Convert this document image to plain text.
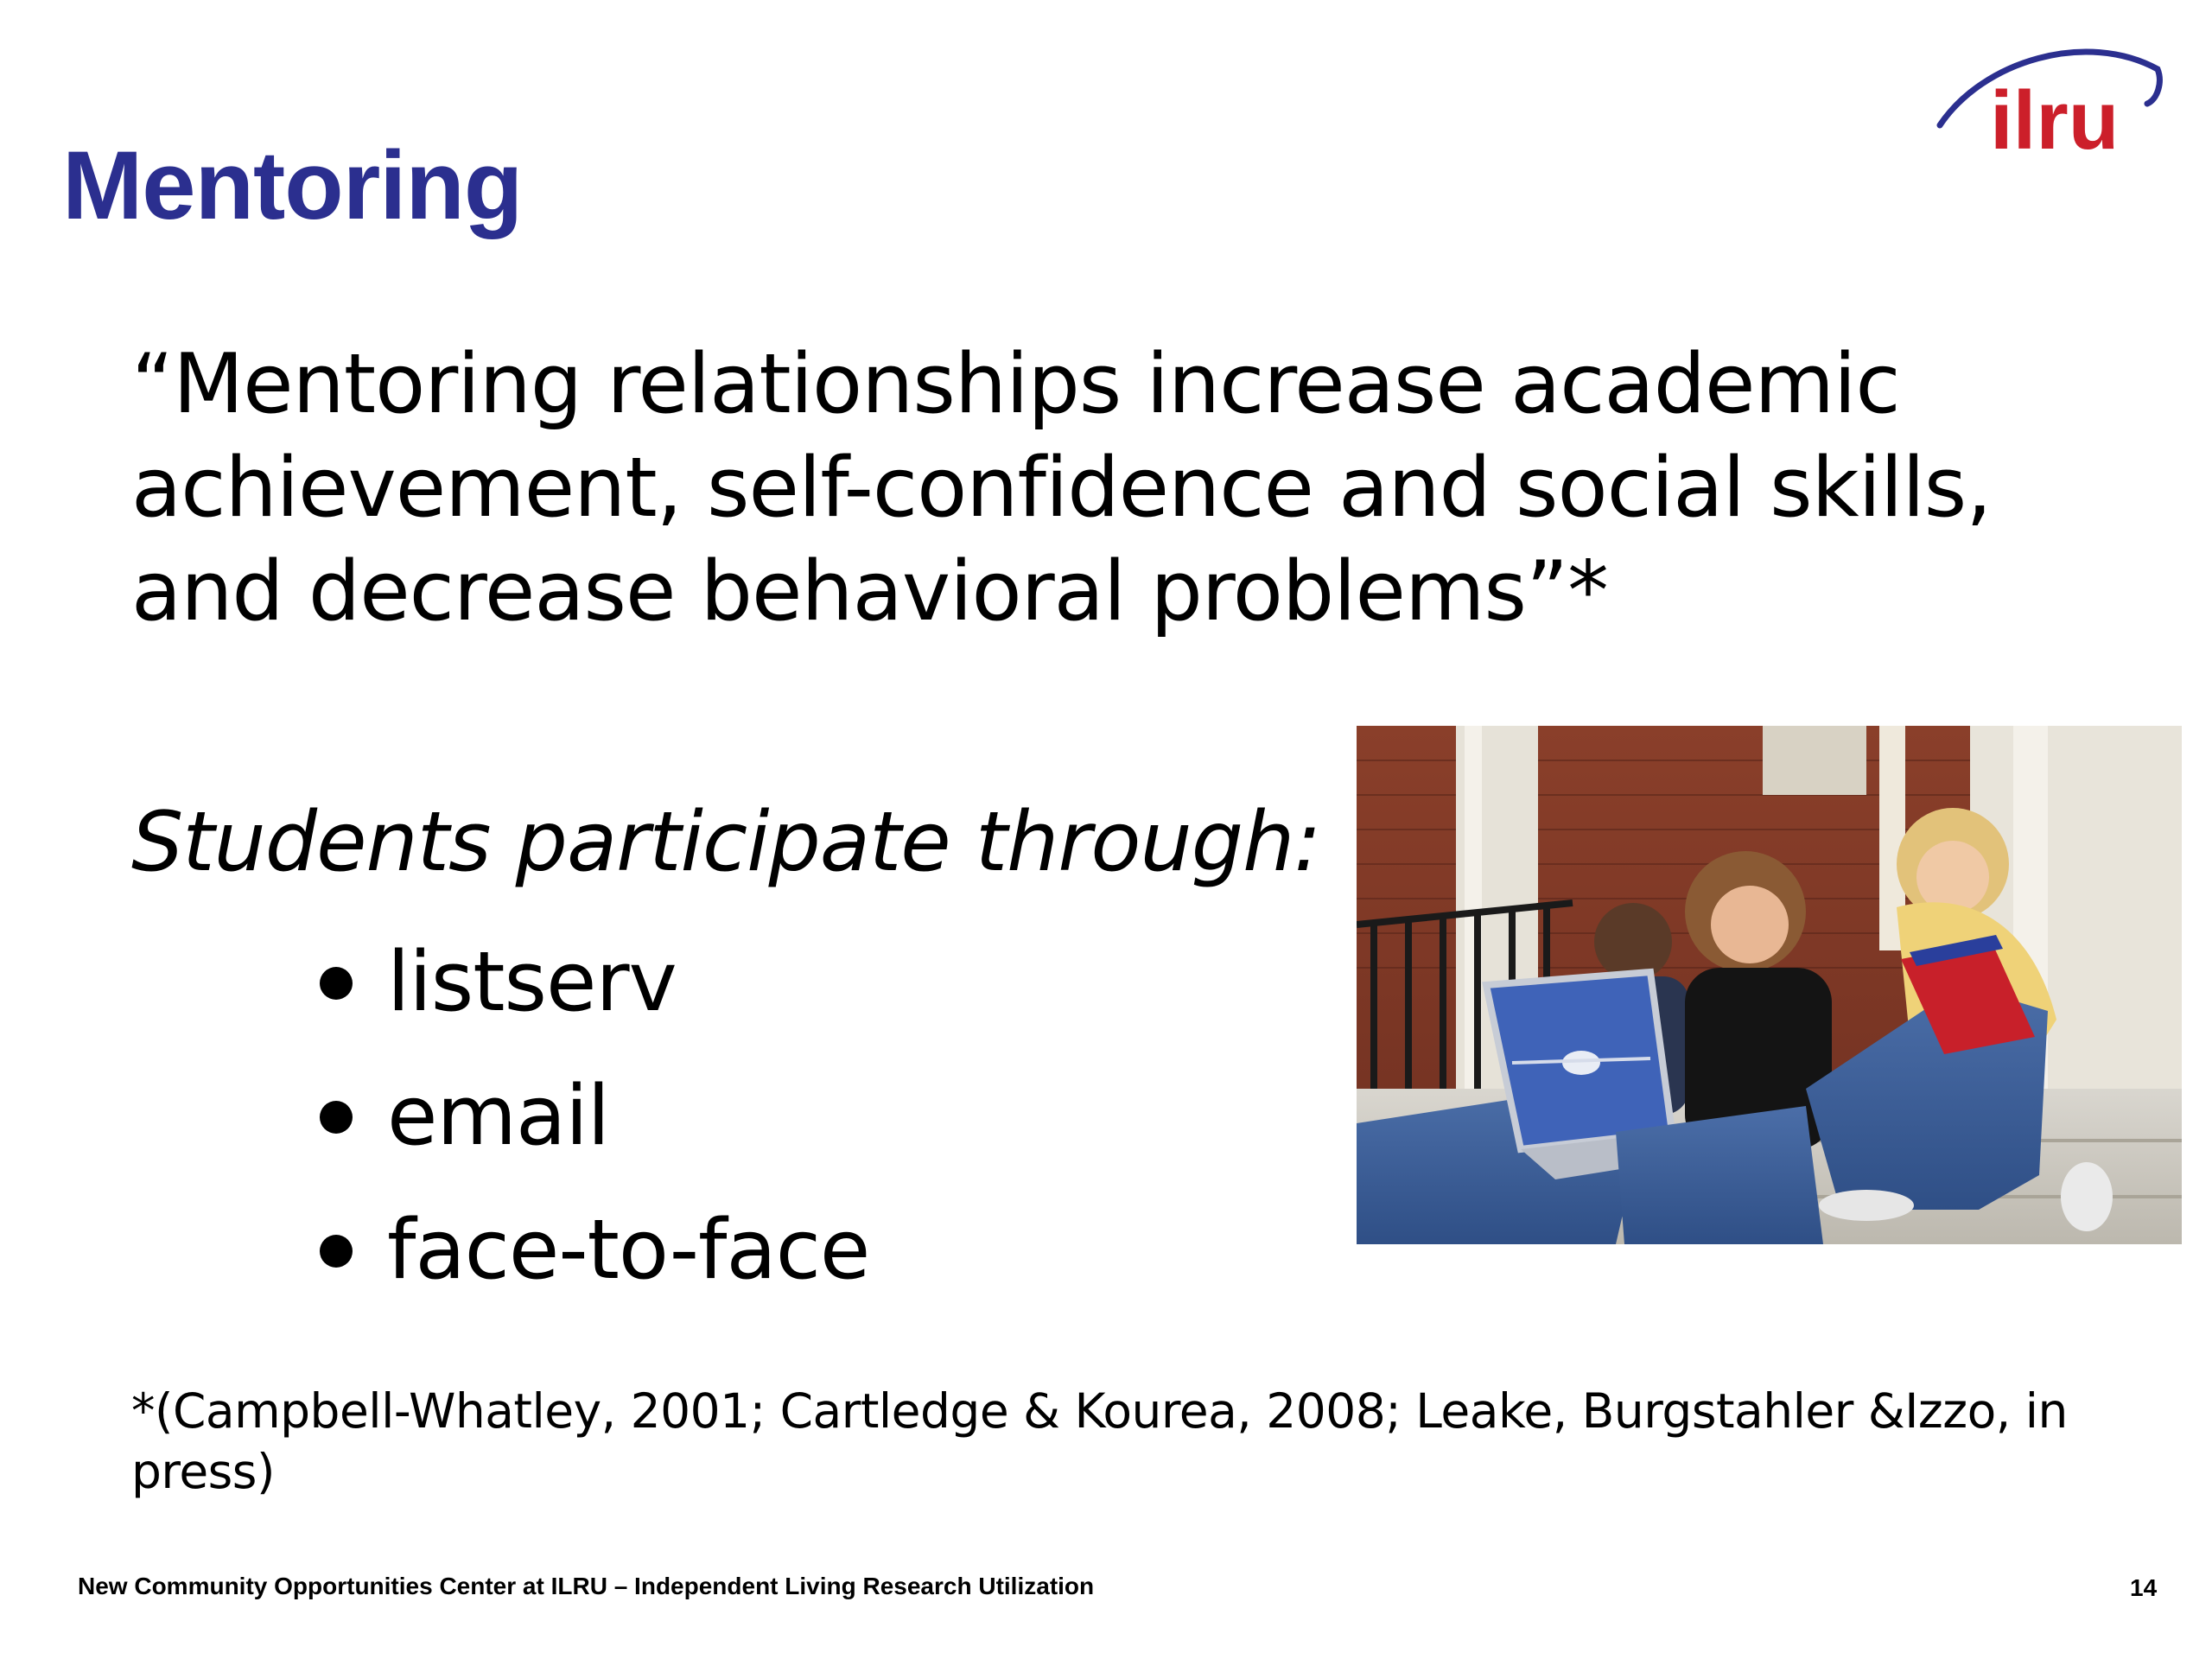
Mentoring
ilru

“Mentoring relationships increase academic achievement, self-confidence and social skills, and decrease behavioral problems”*

Students participate through:

listserv
email
face-to-face

*(Campbell-Whatley, 2001; Cartledge & Kourea, 2008; Leake, Burgstahler &Izzo, in press)

New Community Opportunities Center at ILRU – Independent Living Research Utilization	14
